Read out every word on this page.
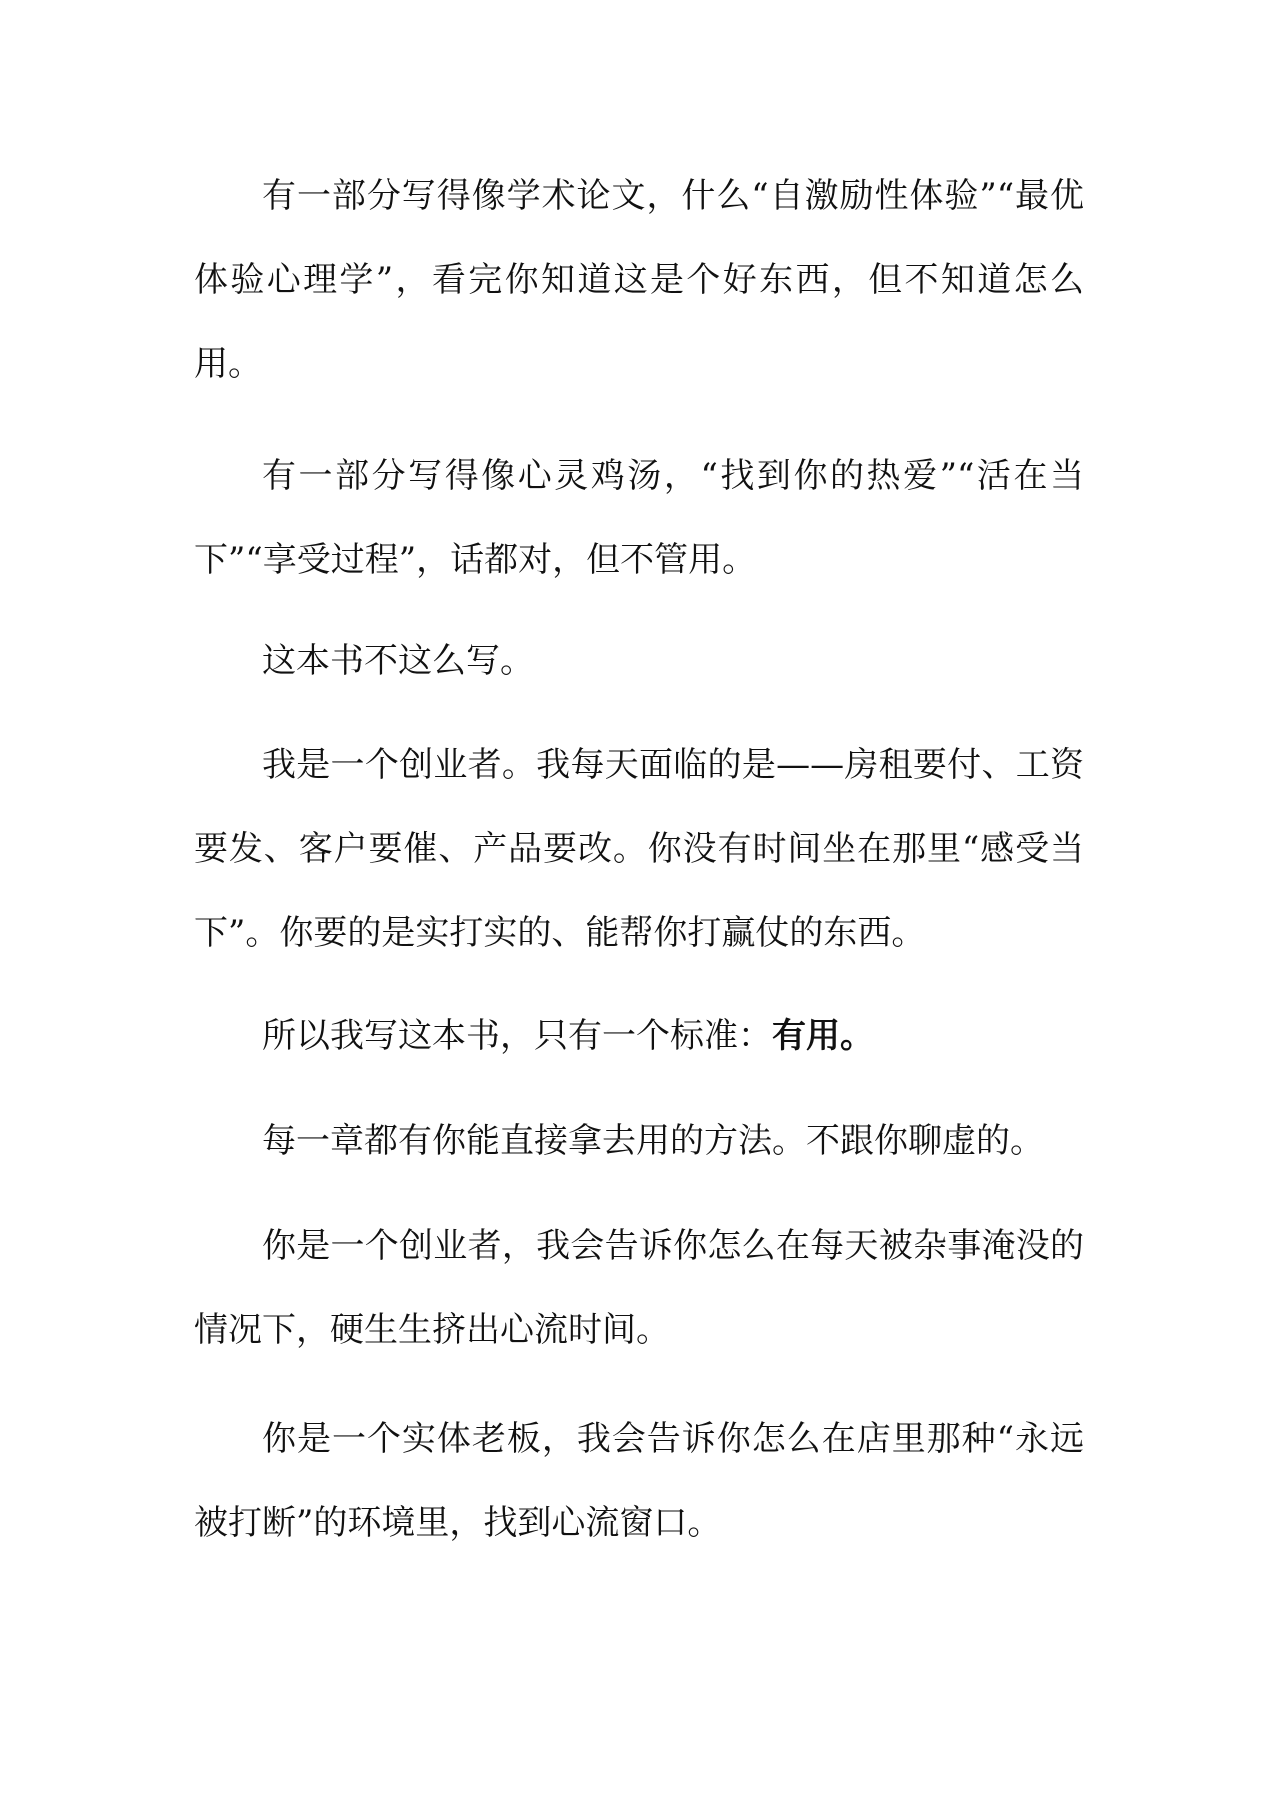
有一部分写得像学术论文，什么“自激励性体验”“最优体验心理学”，看完你知道这是个好东西，但不知道怎么用。

有一部分写得像心灵鸡汤，“找到你的热爱”“活在当下”“享受过程”，话都对，但不管用。

这本书不这么写。

我是一个创业者。我每天面临的是——房租要付、工资要发、客户要催、产品要改。你没有时间坐在那里“感受当下”。你要的是实打实的、能帮你打赢仗的东西。

所以我写这本书，只有一个标准：有用。

每一章都有你能直接拿去用的方法。不跟你聊虚的。

你是一个创业者，我会告诉你怎么在每天被杂事淹没的情况下，硬生生挤出心流时间。

你是一个实体老板，我会告诉你怎么在店里那种“永远被打断”的环境里，找到心流窗口。
